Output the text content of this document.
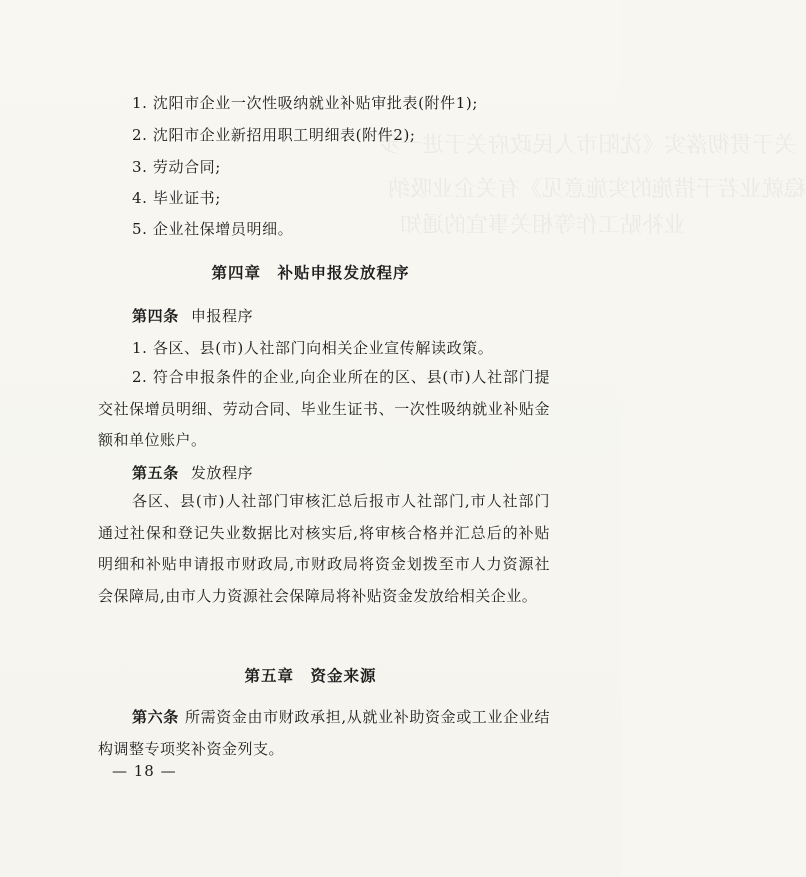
关于贯彻落实《沈阳市人民政府关于进一步
稳就业若干措施的实施意见》有关企业吸纳
业补贴工作等相关事宜的通知
1. 沈阳市企业一次性吸纳就业补贴审批表(附件1);
2. 沈阳市企业新招用职工明细表(附件2);
3. 劳动合同;
4. 毕业证书;
5. 企业社保增员明细。
第四章　补贴申报发放程序
第四条 申报程序
1. 各区、县(市)人社部门向相关企业宣传解读政策。
2. 符合申报条件的企业,向企业所在的区、县(市)人社部门提交社保增员明细、劳动合同、毕业生证书、一次性吸纳就业补贴金额和单位账户。
第五条 发放程序
各区、县(市)人社部门审核汇总后报市人社部门,市人社部门通过社保和登记失业数据比对核实后,将审核合格并汇总后的补贴明细和补贴申请报市财政局,市财政局将资金划拨至市人力资源社会保障局,由市人力资源社会保障局将补贴资金发放给相关企业。
第五章　资金来源
第六条 所需资金由市财政承担,从就业补助资金或工业企业结构调整专项奖补资金列支。
— 18 —
